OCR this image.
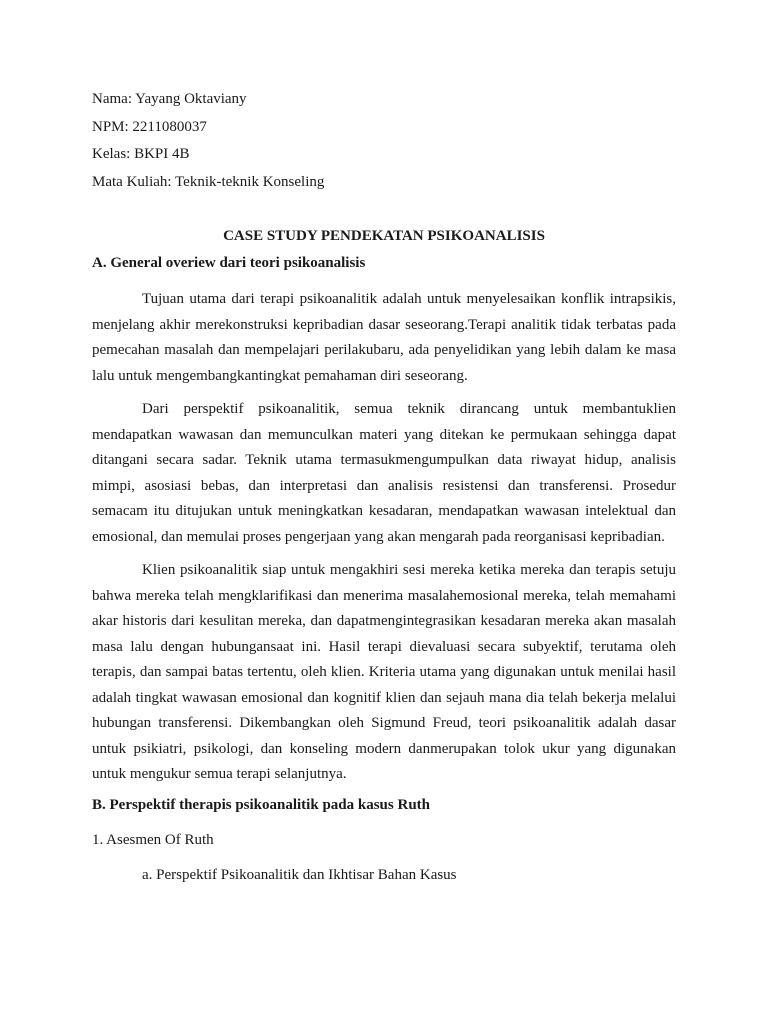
Nama: Yayang Oktaviany
NPM: 2211080037
Kelas: BKPI 4B
Mata Kuliah: Teknik-teknik Konseling
CASE STUDY PENDEKATAN PSIKOANALISIS
A. General overiew dari teori psikoanalisis

Tujuan utama dari terapi psikoanalitik adalah untuk menyelesaikan konflik intrapsikis, menjelang akhir merekonstruksi kepribadian dasar seseorang.Terapi analitik tidak terbatas pada pemecahan masalah dan mempelajari perilakubaru, ada penyelidikan yang lebih dalam ke masa lalu untuk mengembangkantingkat pemahaman diri seseorang.

Dari perspektif psikoanalitik, semua teknik dirancang untuk membantuklien mendapatkan wawasan dan memunculkan materi yang ditekan ke permukaan sehingga dapat ditangani secara sadar. Teknik utama termasukmengumpulkan data riwayat hidup, analisis mimpi, asosiasi bebas, dan interpretasi dan analisis resistensi dan transferensi. Prosedur semacam itu ditujukan untuk meningkatkan kesadaran, mendapatkan wawasan intelektual dan emosional, dan memulai proses pengerjaan yang akan mengarah pada reorganisasi kepribadian.

Klien psikoanalitik siap untuk mengakhiri sesi mereka ketika mereka dan terapis setuju bahwa mereka telah mengklarifikasi dan menerima masalahemosional mereka, telah memahami akar historis dari kesulitan mereka, dan dapatmengintegrasikan kesadaran mereka akan masalah masa lalu dengan hubungansaat ini. Hasil terapi dievaluasi secara subyektif, terutama oleh terapis, dan sampai batas tertentu, oleh klien. Kriteria utama yang digunakan untuk menilai hasil adalah tingkat wawasan emosional dan kognitif klien dan sejauh mana dia telah bekerja melalui hubungan transferensi. Dikembangkan oleh Sigmund Freud, teori psikoanalitik adalah dasar untuk psikiatri, psikologi, dan konseling modern danmerupakan tolok ukur yang digunakan untuk mengukur semua terapi selanjutnya.

B. Perspektif therapis psikoanalitik pada kasus Ruth
1. Asesmen Of Ruth
a. Perspektif Psikoanalitik dan Ikhtisar Bahan Kasus
